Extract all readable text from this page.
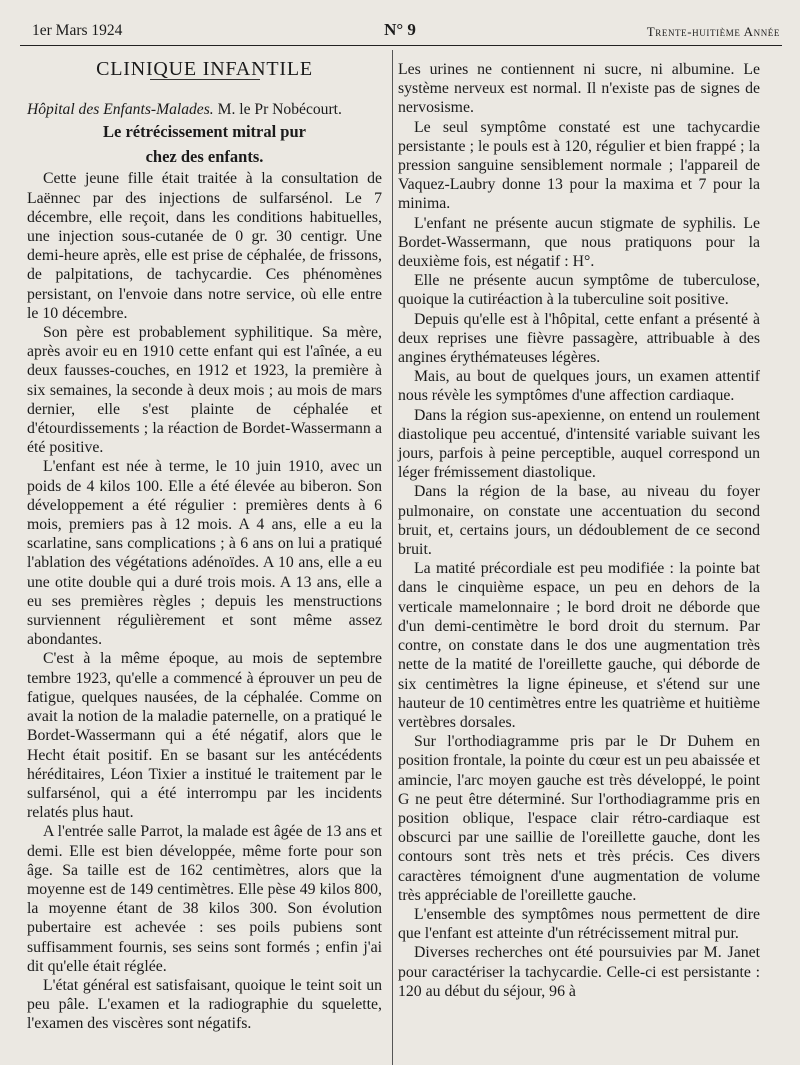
1er Mars 1924	N° 9	Trente-huitième Année

CLINIQUE INFANTILE

Hôpital des Enfants-Malades. M. le Pr Nobécourt.

Le rétrécissement mitral pur
chez des enfants.

Cette jeune fille était traitée à la consultation de Laënnec par des injections de sulfarsénol. Le 7 décembre, elle reçoit, dans les conditions habituelles, une injection sous-cutanée de 0 gr. 30 centigr. Une demi-heure après, elle est prise de céphalée, de frissons, de palpitations, de tachycardie. Ces phénomènes persistant, on l'envoie dans notre service, où elle entre le 10 décembre.

Son père est probablement syphilitique. Sa mère, après avoir eu en 1910 cette enfant qui est l'aînée, a eu deux fausses-couches, en 1912 et 1923, la première à six semaines, la seconde à deux mois ; au mois de mars dernier, elle s'est plainte de céphalée et d'étourdissements ; la réaction de Bordet-Wassermann a été positive.

L'enfant est née à terme, le 10 juin 1910, avec un poids de 4 kilos 100. Elle a été élevée au biberon. Son développement a été régulier : premières dents à 6 mois, premiers pas à 12 mois. A 4 ans, elle a eu la scarlatine, sans complications ; à 6 ans on lui a pratiqué l'ablation des végétations adénoïdes. A 10 ans, elle a eu une otite double qui a duré trois mois. A 13 ans, elle a eu ses premières règles ; depuis les menstructions surviennent régulièrement et sont même assez abondantes.

C'est à la même époque, au mois de septembre tembre 1923, qu'elle a commencé à éprouver un peu de fatigue, quelques nausées, de la céphalée. Comme on avait la notion de la maladie paternelle, on a pratiqué le Bordet-Wassermann qui a été négatif, alors que le Hecht était positif. En se basant sur les antécédents héréditaires, Léon Tixier a institué le traitement par le sulfarsénol, qui a été interrompu par les incidents relatés plus haut.

A l'entrée salle Parrot, la malade est âgée de 13 ans et demi. Elle est bien développée, même forte pour son âge. Sa taille est de 162 centimètres, alors que la moyenne est de 149 centimètres. Elle pèse 49 kilos 800, la moyenne étant de 38 kilos 300. Son évolution pubertaire est achevée : ses poils pubiens sont suffisamment fournis, ses seins sont formés ; enfin j'ai dit qu'elle était réglée.

L'état général est satisfaisant, quoique le teint soit un peu pâle. L'examen et la radiographie du squelette, l'examen des viscères sont négatifs.

Les urines ne contiennent ni sucre, ni albumine. Le système nerveux est normal. Il n'existe pas de signes de nervosisme.

Le seul symptôme constaté est une tachycardie persistante ; le pouls est à 120, régulier et bien frappé ; la pression sanguine sensiblement normale ; l'appareil de Vaquez-Laubry donne 13 pour la maxima et 7 pour la minima.

L'enfant ne présente aucun stigmate de syphilis. Le Bordet-Wassermann, que nous pratiquons pour la deuxième fois, est négatif : H°.

Elle ne présente aucun symptôme de tuberculose, quoique la cutiréaction à la tuberculine soit positive.

Depuis qu'elle est à l'hôpital, cette enfant a présenté à deux reprises une fièvre passagère, attribuable à des angines érythémateuses légères.

Mais, au bout de quelques jours, un examen attentif nous révèle les symptômes d'une affection cardiaque.

Dans la région sus-apexienne, on entend un roulement diastolique peu accentué, d'intensité variable suivant les jours, parfois à peine perceptible, auquel correspond un léger frémissement diastolique.

Dans la région de la base, au niveau du foyer pulmonaire, on constate une accentuation du second bruit, et, certains jours, un dédoublement de ce second bruit.

La matité précordiale est peu modifiée : la pointe bat dans le cinquième espace, un peu en dehors de la verticale mamelonnaire ; le bord droit ne déborde que d'un demi-centimètre le bord droit du sternum. Par contre, on constate dans le dos une augmentation très nette de la matité de l'oreillette gauche, qui déborde de six centimètres la ligne épineuse, et s'étend sur une hauteur de 10 centimètres entre les quatrième et huitième vertèbres dorsales.

Sur l'orthodiagramme pris par le Dr Duhem en position frontale, la pointe du cœur est un peu abaissée et amincie, l'arc moyen gauche est très développé, le point G ne peut être déterminé. Sur l'orthodiagramme pris en position oblique, l'espace clair rétro-cardiaque est obscurci par une saillie de l'oreillette gauche, dont les contours sont très nets et très précis. Ces divers caractères témoignent d'une augmentation de volume très appréciable de l'oreillette gauche.

L'ensemble des symptômes nous permettent de dire que l'enfant est atteinte d'un rétrécissement mitral pur.

Diverses recherches ont été poursuivies par M. Janet pour caractériser la tachycardie. Celle-ci est persistante : 120 au début du séjour, 96 à
